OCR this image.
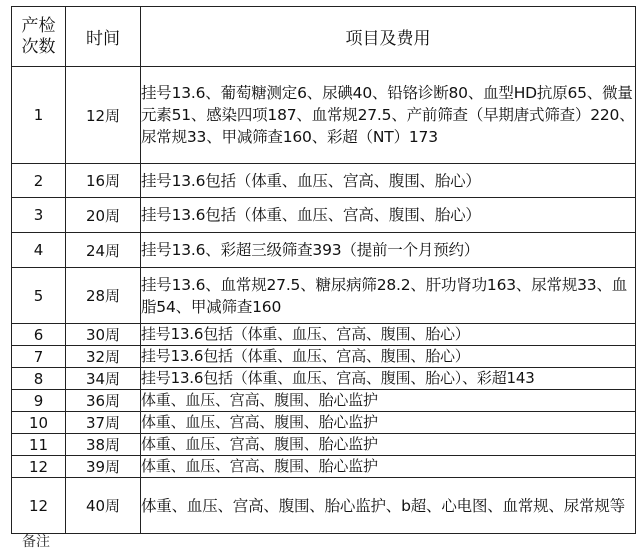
产检
次数	时间	项目及费用
1	12周	挂号13.6、葡萄糖测定6、尿碘40、铅铬诊断80、血型HD抗原65、微量元素51、感染四项187、血常规27.5、产前筛查（早期唐式筛查）220、尿常规33、甲减筛查160、彩超（NT）173
2	16周	挂号13.6包括（体重、血压、宫高、腹围、胎心）
3	20周	挂号13.6包括（体重、血压、宫高、腹围、胎心）
4	24周	挂号13.6、彩超三级筛查393（提前一个月预约）
5	28周	挂号13.6、血常规27.5、糖尿病筛28.2、肝功肾功163、尿常规33、血脂54、甲减筛查160
6	30周	挂号13.6包括（体重、血压、宫高、腹围、胎心）
7	32周	挂号13.6包括（体重、血压、宫高、腹围、胎心）
8	34周	挂号13.6包括（体重、血压、宫高、腹围、胎心）、彩超143
9	36周	体重、血压、宫高、腹围、胎心监护
10	37周	体重、血压、宫高、腹围、胎心监护
11	38周	体重、血压、宫高、腹围、胎心监护
12	39周	体重、血压、宫高、腹围、胎心监护
12	40周	体重、血压、宫高、腹围、胎心监护、b超、心电图、血常规、尿常规等
备注
